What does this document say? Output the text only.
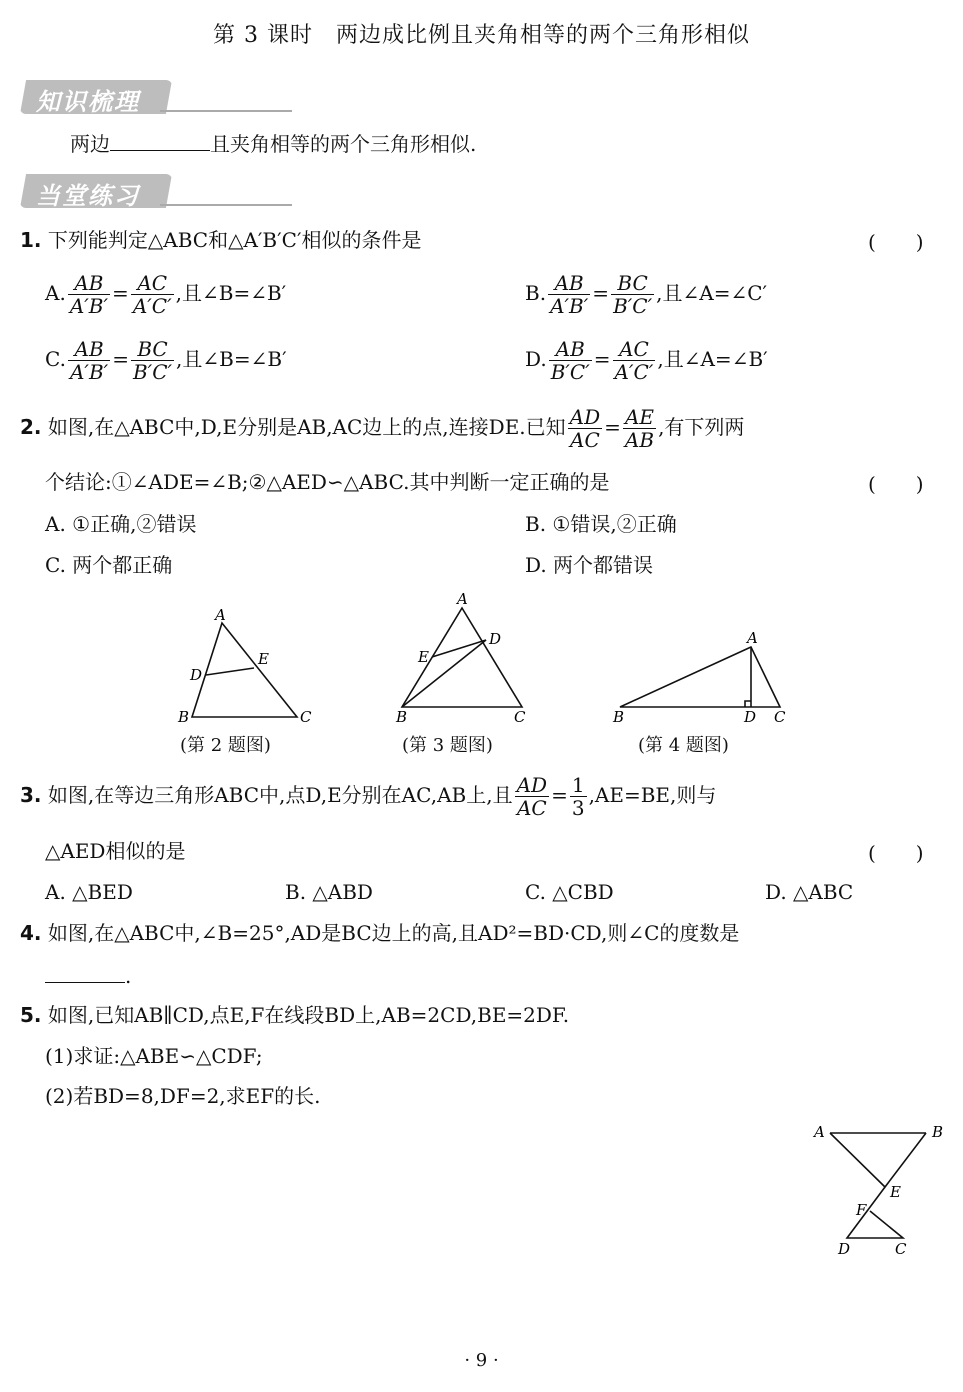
第 3 课时　两边成比例且夹角相等的两个三角形相似
知识梳理
两边	且夹角相等的两个三角形相似.
当堂练习
1. 下列能判定△ABC和△A′B′C′相似的条件是	(　　)
A. $\frac{AB}{A'B'} = \frac{AC}{A'C'}$ ,且∠B=∠B′	B. $\frac{AB}{A'B'} = \frac{BC}{B'C'}$ ,且∠A=∠C′
C. $\frac{AB}{A'B'} = \frac{BC}{B'C'}$ ,且∠B=∠B′	D. $\frac{AB}{B'C'} = \frac{AC}{A'C'}$ ,且∠A=∠B′
2. 如图,在△ABC中,D,E分别是AB,AC边上的点,连接DE.已知 $\frac{AD}{AC} = \frac{AE}{AB}$ ,有下列两
个结论:①∠ADE=∠B;②△AED∽△ABC.其中判断一定正确的是	(　　)
A. ①正确,②错误	B. ①错误,②正确
C. 两个都正确	D. 两个都错误
A
D
E
B	C
A
D
E
B	C
A
B	D C
(第 2 题图)	(第 3 题图)	(第 4 题图)
3. 如图,在等边三角形ABC中,点D,E分别在AC,AB上,且 $\frac{AD}{AC} = \frac{1}{3} ,AE=BE$,则与
△AED相似的是	(　　)
A. △BED	B. △ABD	C. △CBD	D. △ABC
4. 如图,在△ABC中,∠B=25°,AD是BC边上的高,且AD²=BD·CD,则∠C的度数是
.
5. 如图,已知AB∥CD,点E,F在线段BD上,AB=2CD,BE=2DF.
(1)求证:△ABE∽△CDF;
(2)若BD=8,DF=2,求EF的长.
A	B
E
F
D	C
· 9 ·
